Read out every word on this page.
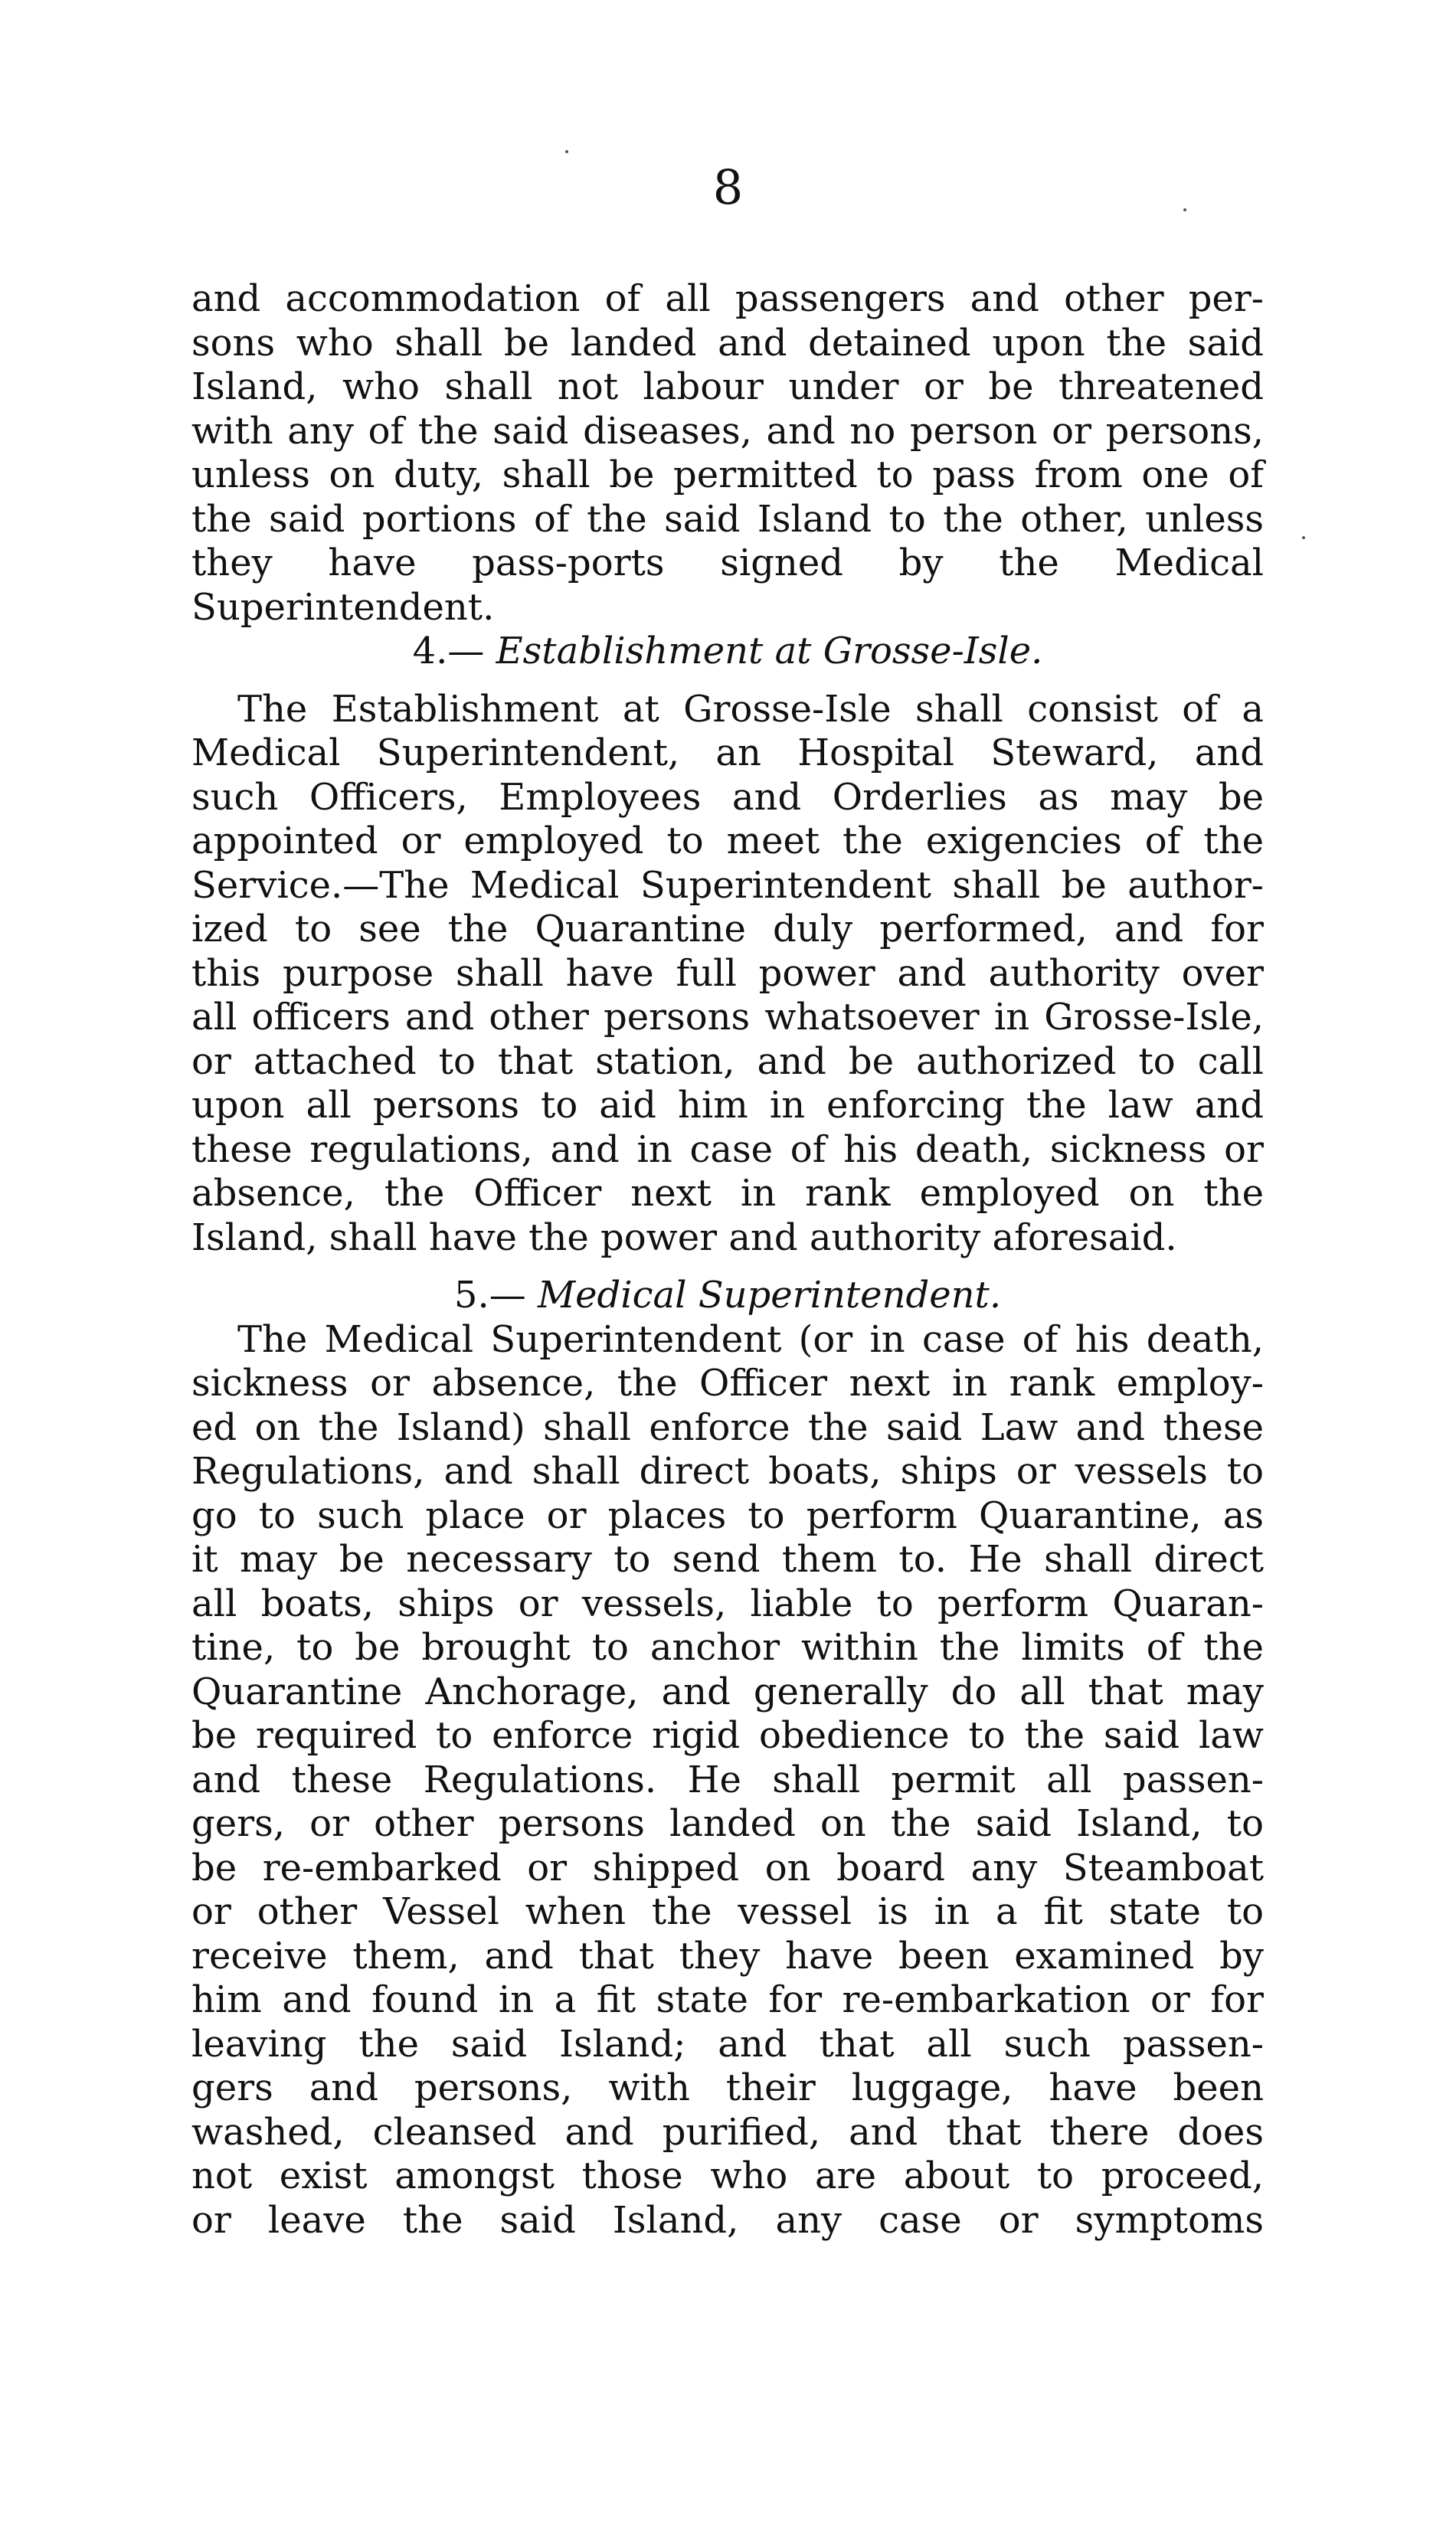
8
and accommodation of all passengers and other per-
sons who shall be landed and detained upon the said
Island, who shall not labour under or be threatened
with any of the said diseases, and no person or persons,
unless on duty, shall be permitted to pass from one of
the said portions of the said Island to the other, unless
they have pass-ports signed by the Medical
Superintendent.
4.— Establishment at Grosse-Isle.
The Establishment at Grosse-Isle shall consist of a
Medical Superintendent, an Hospital Steward, and
such Officers, Employees and Orderlies as may be
appointed or employed to meet the exigencies of the
Service.—The Medical Superintendent shall be author-
ized to see the Quarantine duly performed, and for
this purpose shall have full power and authority over
all officers and other persons whatsoever in Grosse-Isle,
or attached to that station, and be authorized to call
upon all persons to aid him in enforcing the law and
these regulations, and in case of his death, sickness or
absence, the Officer next in rank employed on the
Island, shall have the power and authority aforesaid.
5.— Medical Superintendent.
The Medical Superintendent (or in case of his death,
sickness or absence, the Officer next in rank employ-
ed on the Island) shall enforce the said Law and these
Regulations, and shall direct boats, ships or vessels to
go to such place or places to perform Quarantine, as
it may be necessary to send them to. He shall direct
all boats, ships or vessels, liable to perform Quaran-
tine, to be brought to anchor within the limits of the
Quarantine Anchorage, and generally do all that may
be required to enforce rigid obedience to the said law
and these Regulations. He shall permit all passen-
gers, or other persons landed on the said Island, to
be re-embarked or shipped on board any Steamboat
or other Vessel when the vessel is in a fit state to
receive them, and that they have been examined by
him and found in a fit state for re-embarkation or for
leaving the said Island; and that all such passen-
gers and persons, with their luggage, have been
washed, cleansed and purified, and that there does
not exist amongst those who are about to proceed,
or leave the said Island, any case or symptoms
